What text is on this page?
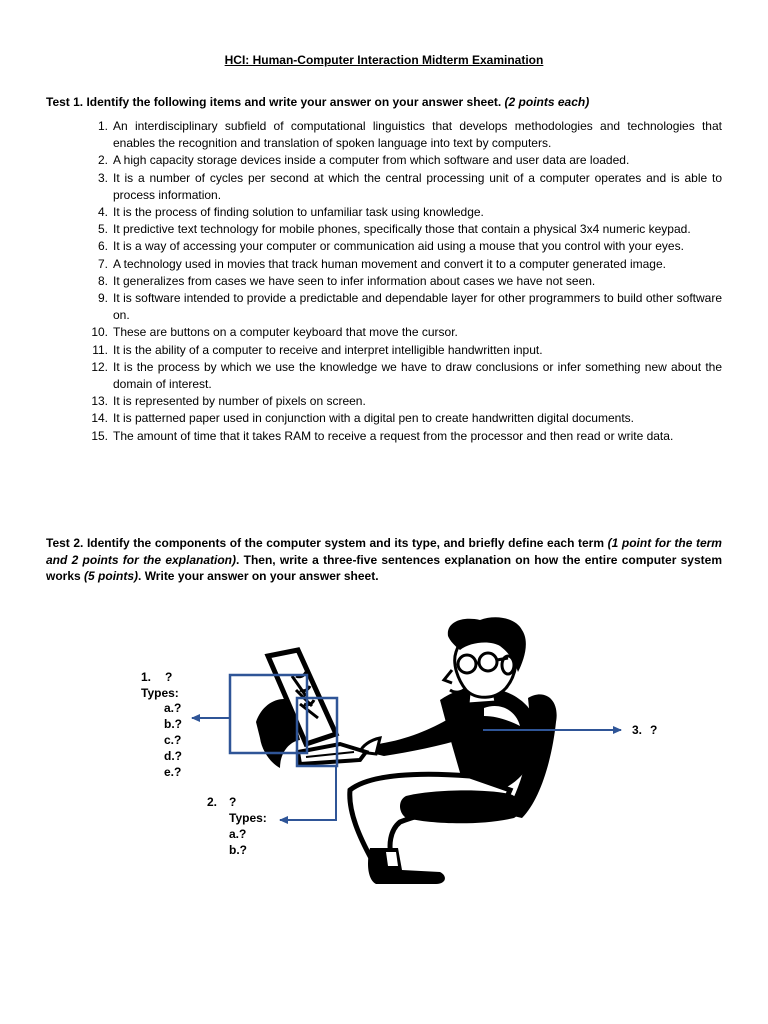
HCI: Human-Computer Interaction Midterm Examination
Test 1. Identify the following items and write your answer on your answer sheet. (2 points each)
1. An interdisciplinary subfield of computational linguistics that develops methodologies and technologies that enables the recognition and translation of spoken language into text by computers.
2. A high capacity storage devices inside a computer from which software and user data are loaded.
3. It is a number of cycles per second at which the central processing unit of a computer operates and is able to process information.
4. It is the process of finding solution to unfamiliar task using knowledge.
5. It predictive text technology for mobile phones, specifically those that contain a physical 3x4 numeric keypad.
6. It is a way of accessing your computer or communication aid using a mouse that you control with your eyes.
7. A technology used in movies that track human movement and convert it to a computer generated image.
8. It generalizes from cases we have seen to infer information about cases we have not seen.
9. It is software intended to provide a predictable and dependable layer for other programmers to build other software on.
10. These are buttons on a computer keyboard that move the cursor.
11. It is the ability of a computer to receive and interpret intelligible handwritten input.
12. It is the process by which we use the knowledge we have to draw conclusions or infer something new about the domain of interest.
13. It is represented by number of pixels on screen.
14. It is patterned paper used in conjunction with a digital pen to create handwritten digital documents.
15. The amount of time that it takes RAM to receive a request from the processor and then read or write data.
Test 2. Identify the components of the computer system and its type, and briefly define each term (1 point for the term and 2 points for the explanation). Then, write a three-five sentences explanation on how the entire computer system works (5 points). Write your answer on your answer sheet.
1. ?
Types:
a.?
b.?
c.?
d.?
e.?
2. ?
Types:
a.?
b.?
3. ?
